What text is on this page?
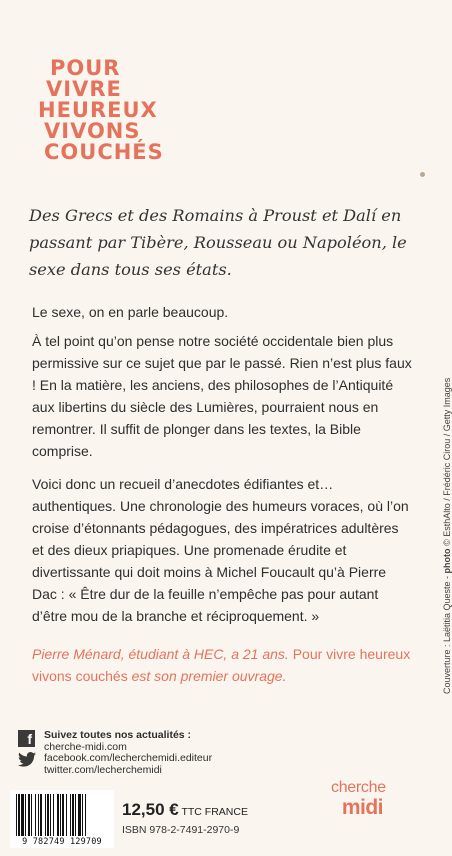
POUR
VIVRE
HEUREUX
VIVONS
COUCHÉS
Des Grecs et des Romains à Proust et Dalí en passant par Tibère, Rousseau ou Napoléon, le sexe dans tous ses états.

Le sexe, on en parle beaucoup.

À tel point qu’on pense notre société occidentale bien plus permissive sur ce sujet que par le passé. Rien n’est plus faux ! En la matière, les anciens, des philosophes de l’Antiquité aux libertins du siècle des Lumières, pourraient nous en remontrer. Il suffit de plonger dans les textes, la Bible comprise.

Voici donc un recueil d’anecdotes édifiantes et… authentiques. Une chronologie des humeurs voraces, où l’on croise d’étonnants pédagogues, des impératrices adultères et des dieux priapiques. Une promenade érudite et divertissante qui doit moins à Michel Foucault qu’à Pierre Dac : « Être dur de la feuille n’empêche pas pour autant d’être mou de la branche et réciproquement. »

Pierre Ménard, étudiant à HEC, a 21 ans. Pour vivre heureux vivons couchés est son premier ouvrage.	Couverture : Laëtitia Queste - photo © EsthAlto / Frédéric Cirou / Getty Images
f Suivez toutes nos actualités :
cherche-midi.com
facebook.com/lecherchemidi.editeur
twitter.com/lecherchemidi
9 782749 129709
12,50 € TTC FRANCE
ISBN 978-2-7491-2970-9
cherche
midi
